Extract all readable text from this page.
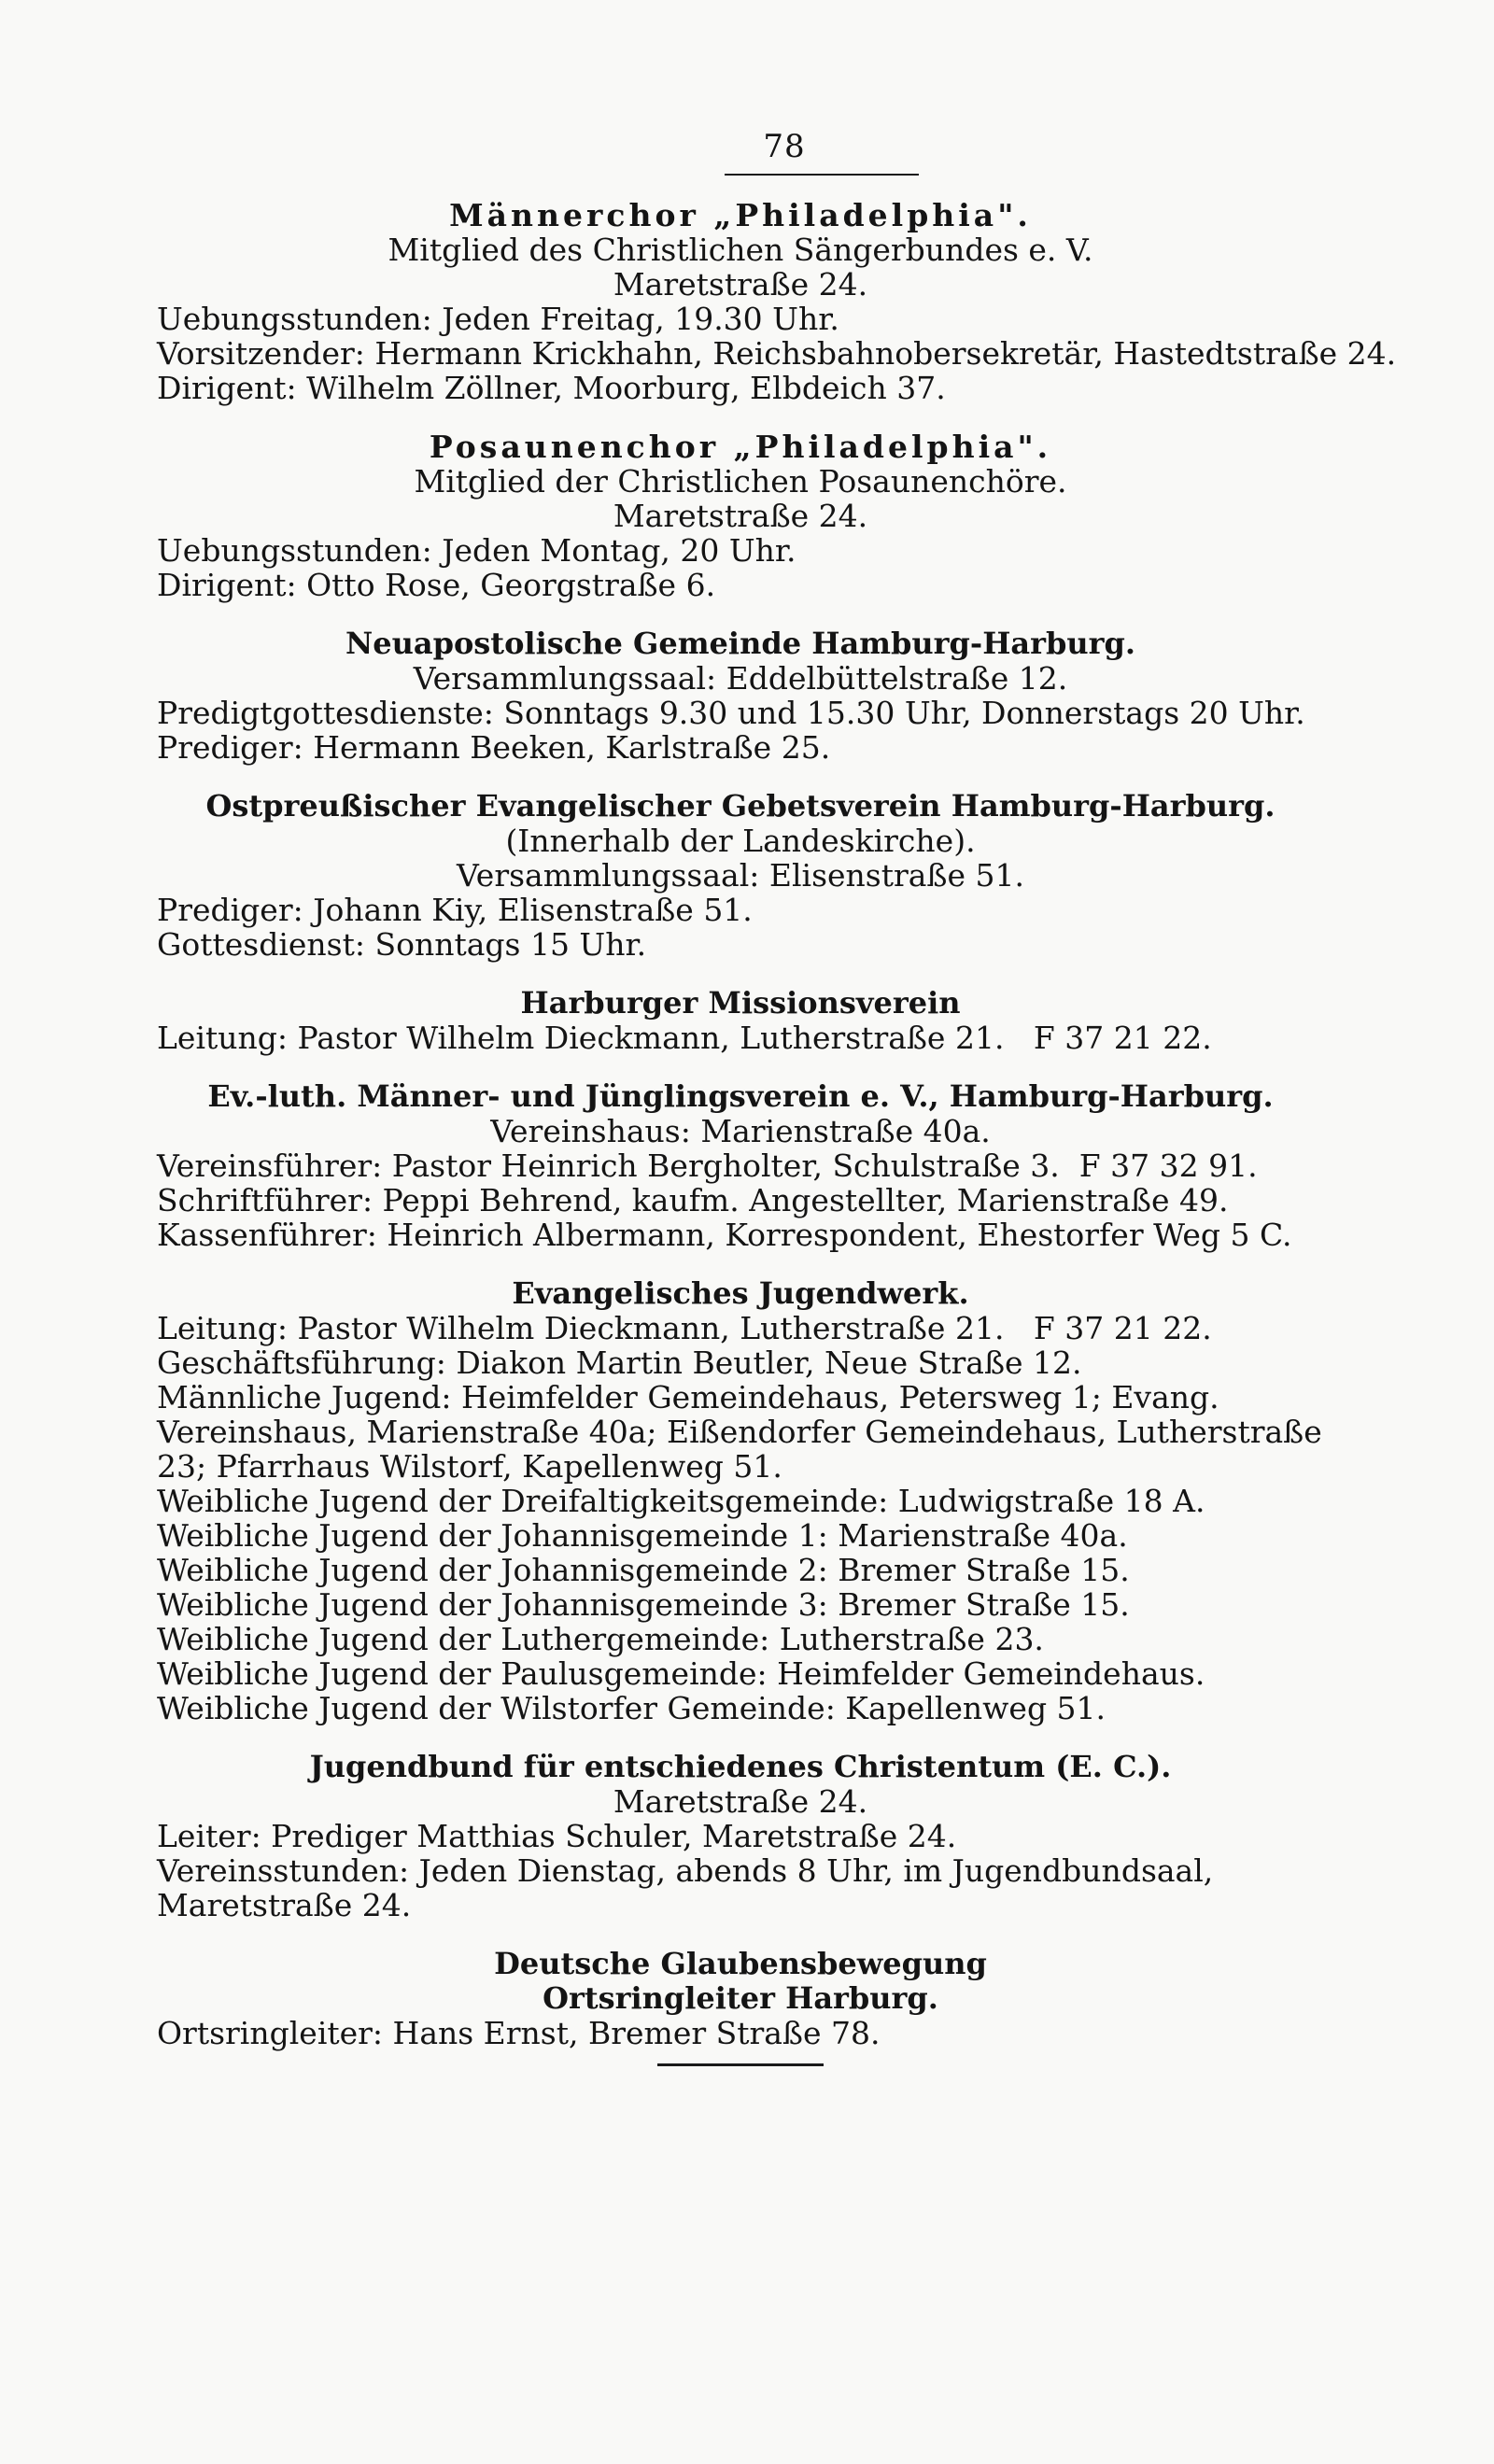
78
Männerchor „Philadelphia".
Mitglied des Christlichen Sängerbundes e. V.
Maretstraße 24.
Uebungsstunden: Jeden Freitag, 19.30 Uhr.
Vorsitzender: Hermann Krickhahn, Reichsbahnobersekretär, Hastedtstraße 24.
Dirigent: Wilhelm Zöllner, Moorburg, Elbdeich 37.
Posaunenchor „Philadelphia".
Mitglied der Christlichen Posaunenchöre.
Maretstraße 24.
Uebungsstunden: Jeden Montag, 20 Uhr.
Dirigent: Otto Rose, Georgstraße 6.
Neuapostolische Gemeinde Hamburg-Harburg.
Versammlungssaal: Eddelbüttelstraße 12.
Predigtgottesdienste: Sonntags 9.30 und 15.30 Uhr, Donnerstags 20 Uhr.
Prediger: Hermann Beeken, Karlstraße 25.
Ostpreußischer Evangelischer Gebetsverein Hamburg-Harburg.
(Innerhalb der Landeskirche).
Versammlungssaal: Elisenstraße 51.
Prediger: Johann Kiy, Elisenstraße 51.
Gottesdienst: Sonntags 15 Uhr.
Harburger Missionsverein
Leitung: Pastor Wilhelm Dieckmann, Lutherstraße 21.   F 37 21 22.
Ev.-luth. Männer- und Jünglingsverein e. V., Hamburg-Harburg.
Vereinshaus: Marienstraße 40a.
Vereinsführer: Pastor Heinrich Bergholter, Schulstraße 3.  F 37 32 91.
Schriftführer: Peppi Behrend, kaufm. Angestellter, Marienstraße 49.
Kassenführer: Heinrich Albermann, Korrespondent, Ehestorfer Weg 5 C.
Evangelisches Jugendwerk.
Leitung: Pastor Wilhelm Dieckmann, Lutherstraße 21.   F 37 21 22.
Geschäftsführung: Diakon Martin Beutler, Neue Straße 12.
Männliche Jugend: Heimfelder Gemeindehaus, Petersweg 1; Evang. Vereinshaus, Marienstraße 40a; Eißendorfer Gemeindehaus, Lutherstraße 23; Pfarrhaus Wilstorf, Kapellenweg 51.
Weibliche Jugend der Dreifaltigkeitsgemeinde: Ludwigstraße 18 A.
Weibliche Jugend der Johannisgemeinde 1: Marienstraße 40a.
Weibliche Jugend der Johannisgemeinde 2: Bremer Straße 15.
Weibliche Jugend der Johannisgemeinde 3: Bremer Straße 15.
Weibliche Jugend der Luthergemeinde: Lutherstraße 23.
Weibliche Jugend der Paulusgemeinde: Heimfelder Gemeindehaus.
Weibliche Jugend der Wilstorfer Gemeinde: Kapellenweg 51.
Jugendbund für entschiedenes Christentum (E. C.).
Maretstraße 24.
Leiter: Prediger Matthias Schuler, Maretstraße 24.
Vereinsstunden: Jeden Dienstag, abends 8 Uhr, im Jugendbundsaal, Maretstraße 24.
Deutsche Glaubensbewegung
Ortsringleiter Harburg.
Ortsringleiter: Hans Ernst, Bremer Straße 78.
